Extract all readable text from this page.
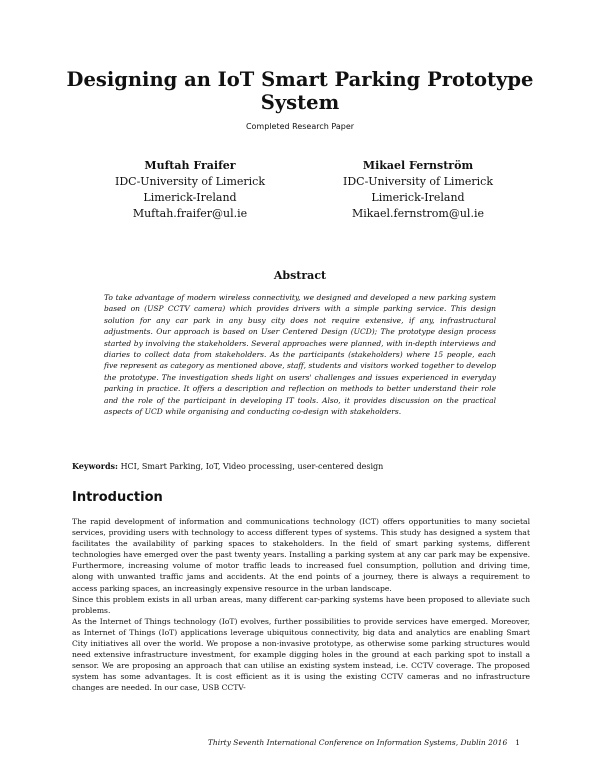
Designing an IoT Smart Parking Prototype System
Completed Research Paper
Muftah Fraifer
IDC-University of Limerick
Limerick-Ireland
Muftah.fraifer@ul.ie
Mikael Fernström
IDC-University of Limerick
Limerick-Ireland
Mikael.fernstrom@ul.ie
Abstract

To take advantage of modern wireless connectivity, we designed and developed a new parking system based on (USP CCTV camera) which provides drivers with a simple parking service. This design solution for any car park in any busy city does not require extensive, if any, infrastructural adjustments. Our approach is based on User Centered Design (UCD); The prototype design process started by involving the stakeholders. Several approaches were planned, with in-depth interviews and diaries to collect data from stakeholders. As the participants (stakeholders) where 15 people, each five represent as category as mentioned above, staff, students and visitors worked together to develop the prototype. The investigation sheds light on users' challenges and issues experienced in everyday parking in practice. It offers a description and reflection on methods to better understand their role and the role of the participant in developing IT tools. Also, it provides discussion on the practical aspects of UCD while organising and conducting co-design with stakeholders.

Keywords: HCI, Smart Parking, IoT, Video processing, user-centered design
Introduction

The rapid development of information and communications technology (ICT) offers opportunities to many societal services, providing users with technology to access different types of systems. This study has designed a system that facilitates the availability of parking spaces to stakeholders. In the field of smart parking systems, different technologies have emerged over the past twenty years. Installing a parking system at any car park may be expensive. Furthermore, increasing volume of motor traffic leads to increased fuel consumption, pollution and driving time, along with unwanted traffic jams and accidents. At the end points of a journey, there is always a requirement to access parking spaces, an increasingly expensive resource in the urban landscape.

Since this problem exists in all urban areas, many different car-parking systems have been proposed to alleviate such problems.

As the Internet of Things technology (IoT) evolves, further possibilities to provide services have emerged. Moreover, as Internet of Things (IoT) applications leverage ubiquitous connectivity, big data and analytics are enabling Smart City initiatives all over the world. We propose a non-invasive prototype, as otherwise some parking structures would need extensive infrastructure investment, for example digging holes in the ground at each parking spot to install a sensor. We are proposing an approach that can utilise an existing system instead, i.e. CCTV coverage. The proposed system has some advantages. It is cost efficient as it is using the existing CCTV cameras and no infrastructure changes are needed. In our case, USB CCTV-

Thirty Seventh International Conference on Information Systems, Dublin 2016 1
